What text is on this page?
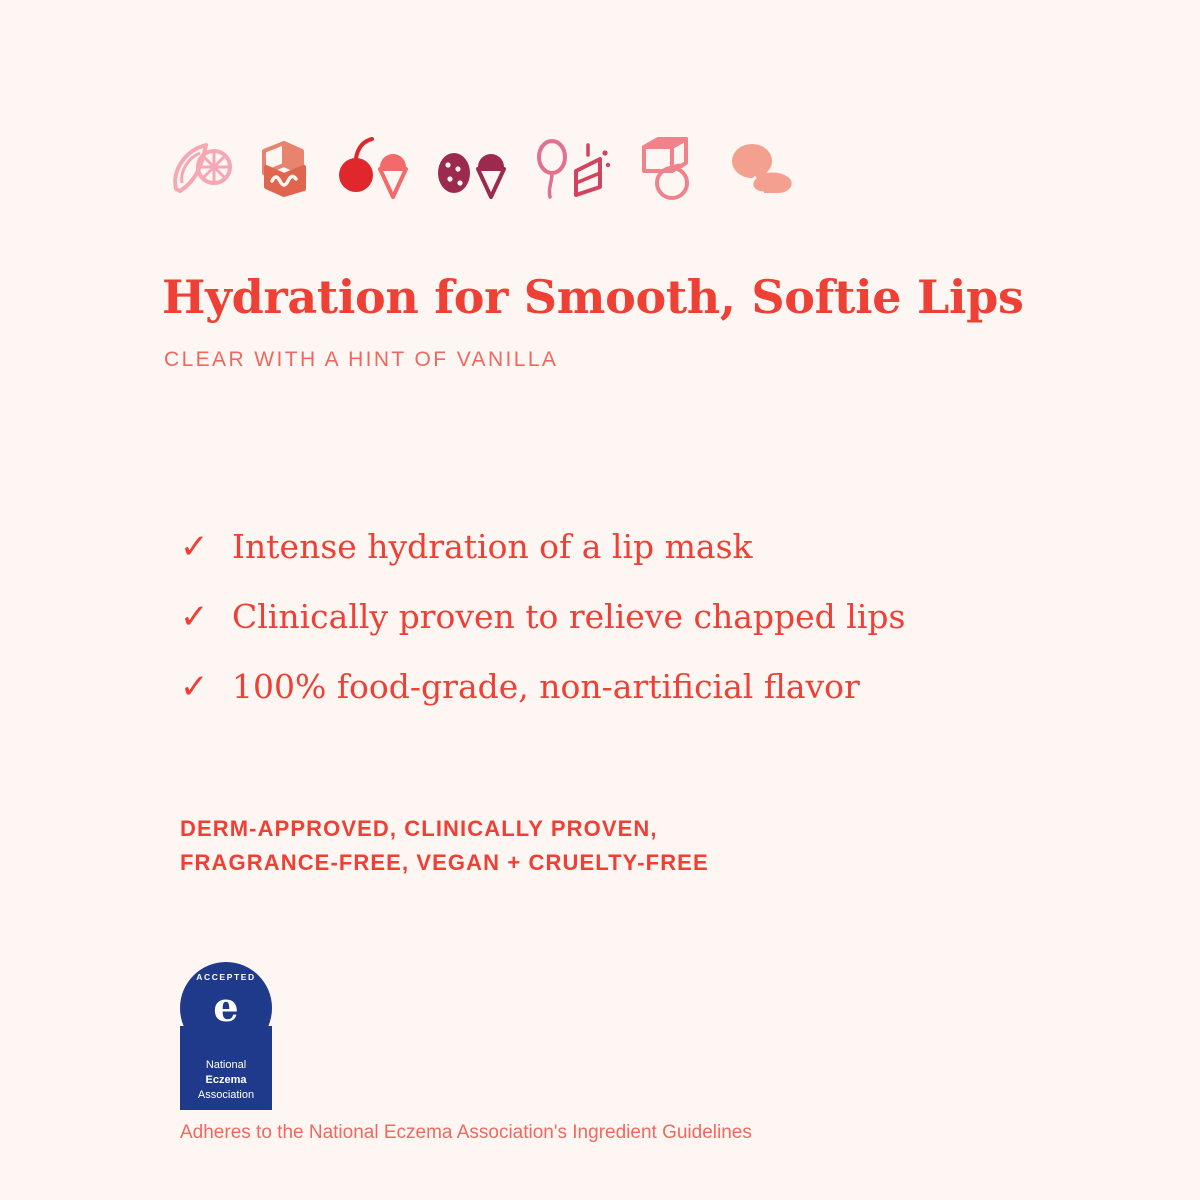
Hydration for Smooth, Softie Lips
CLEAR WITH A HINT OF VANILLA
✓ Intense hydration of a lip mask
✓ Clinically proven to relieve chapped lips
✓ 100% food-grade, non-artificial flavor
DERM-APPROVED, CLINICALLY PROVEN,
FRAGRANCE-FREE, VEGAN + CRUELTY-FREE
ACCEPTED
e
National
Eczema
Association
Adheres to the National Eczema Association's Ingredient Guidelines
